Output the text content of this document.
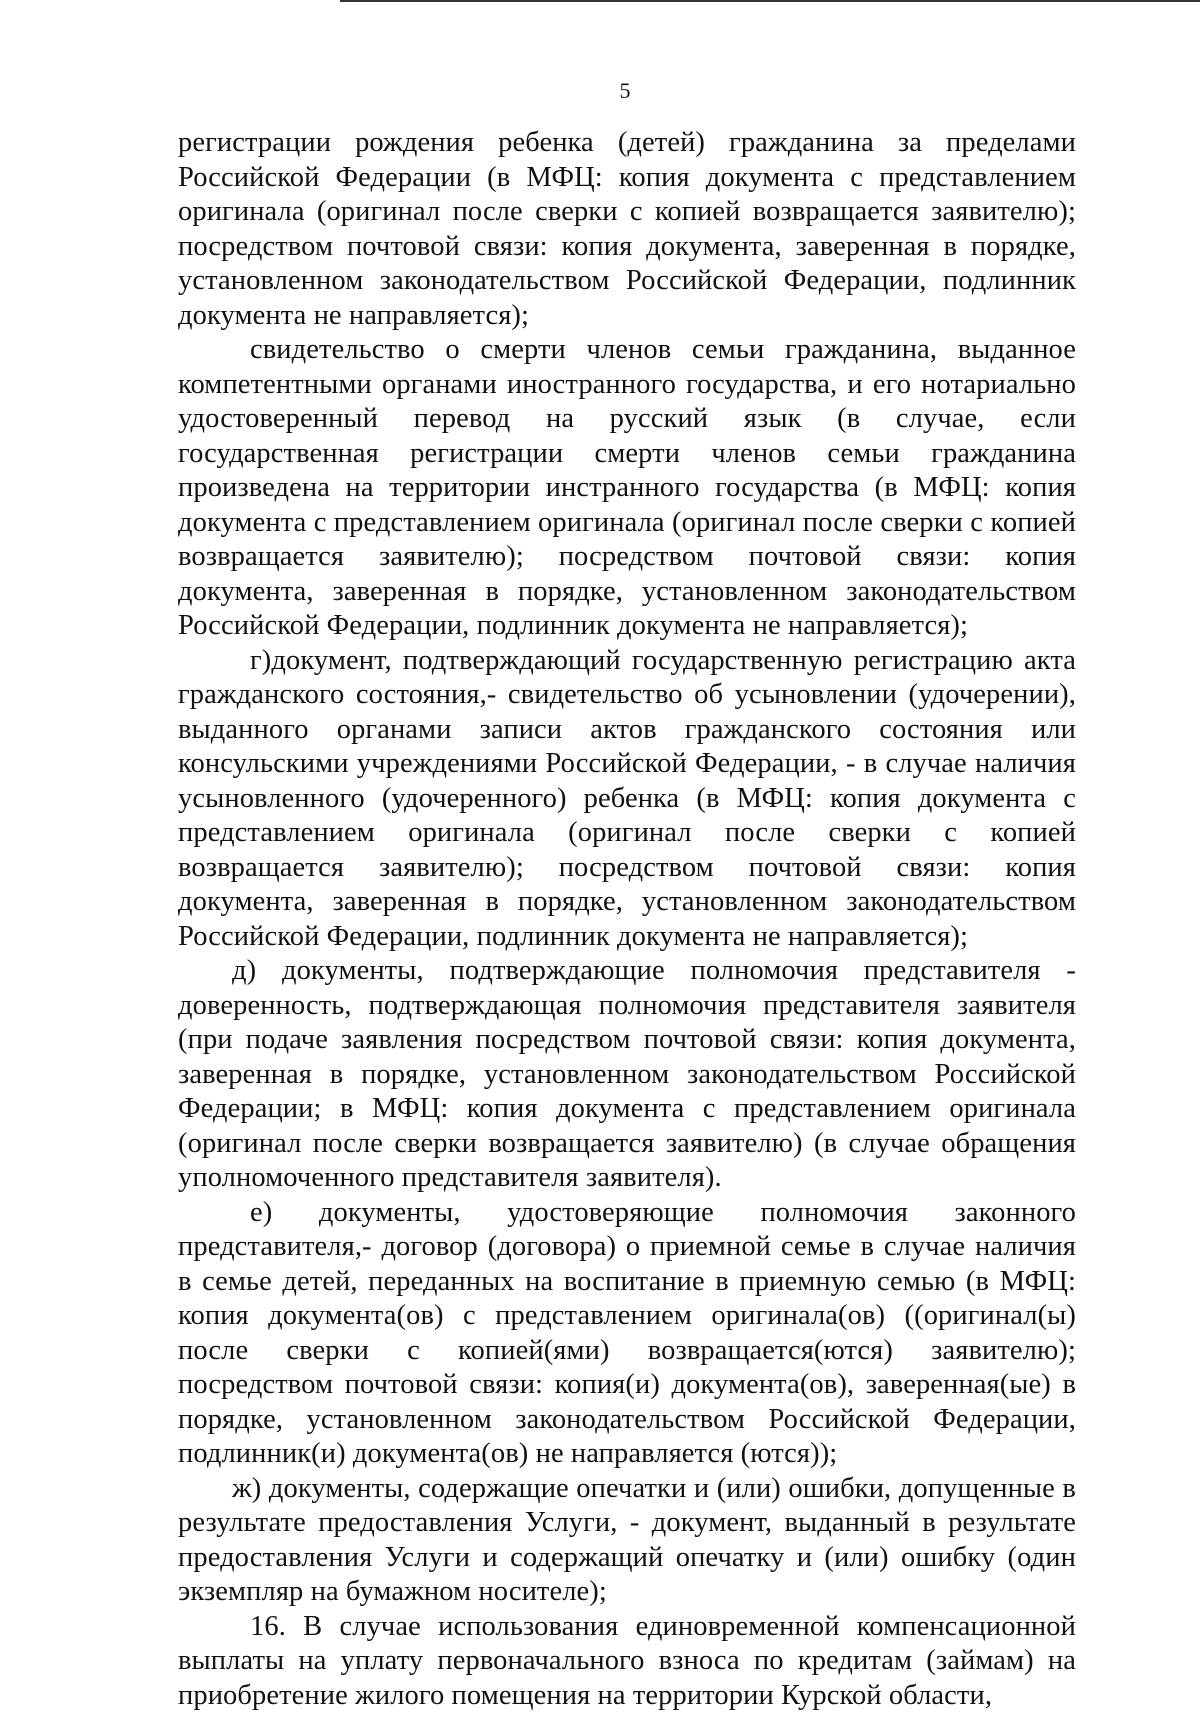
5

регистрации рождения ребенка (детей) гражданина за пределами Российской Федерации (в МФЦ: копия документа с представлением оригинала (оригинал после сверки с копией возвращается заявителю); посредством почтовой связи: копия документа, заверенная в порядке, установленном законодательством Российской Федерации, подлинник документа не направляется);

свидетельство о смерти членов семьи гражданина, выданное компетентными органами иностранного государства, и его нотариально удостоверенный перевод на русский язык (в случае, если государственная регистрации смерти членов семьи гражданина произведена на территории инстранного государства (в МФЦ: копия документа с представлением оригинала (оригинал после сверки с копией возвращается заявителю); посредством почтовой связи: копия документа, заверенная в порядке, установленном законодательством Российской Федерации, подлинник документа не направляется);

г)документ, подтверждающий государственную регистрацию акта гражданского состояния,- свидетельство об усыновлении (удочерении), выданного органами записи актов гражданского состояния или консульскими учреждениями Российской Федерации, - в случае наличия усыновленного (удочеренного) ребенка (в МФЦ: копия документа с представлением оригинала (оригинал после сверки с копией возвращается заявителю); посредством почтовой связи: копия документа, заверенная в порядке, установленном законодательством Российской Федерации, подлинник документа не направляется);

д) документы, подтверждающие полномочия представителя - доверенность, подтверждающая полномочия представителя заявителя (при подаче заявления посредством почтовой связи: копия документа, заверенная в порядке, установленном законодательством Российской Федерации; в МФЦ: копия документа с представлением оригинала (оригинал после сверки возвращается заявителю) (в случае обращения уполномоченного представителя заявителя).

е) документы, удостоверяющие полномочия законного представителя,- договор (договора) о приемной семье в случае наличия в семье детей, переданных на воспитание в приемную семью (в МФЦ: копия документа(ов) с представлением оригинала(ов) ((оригинал(ы) после сверки с копией(ями) возвращается(ются) заявителю); посредством почтовой связи: копия(и) документа(ов), заверенная(ые) в порядке, установленном законодательством Российской Федерации, подлинник(и) документа(ов) не направляется (ются));

ж) документы, содержащие опечатки и (или) ошибки, допущенные в результате предоставления Услуги, - документ, выданный в результате предоставления Услуги и содержащий опечатку и (или) ошибку (один экземпляр на бумажном носителе);

16. В случае использования единовременной компенсационной выплаты на уплату первоначального взноса по кредитам (займам) на приобретение жилого помещения на территории Курской области,
